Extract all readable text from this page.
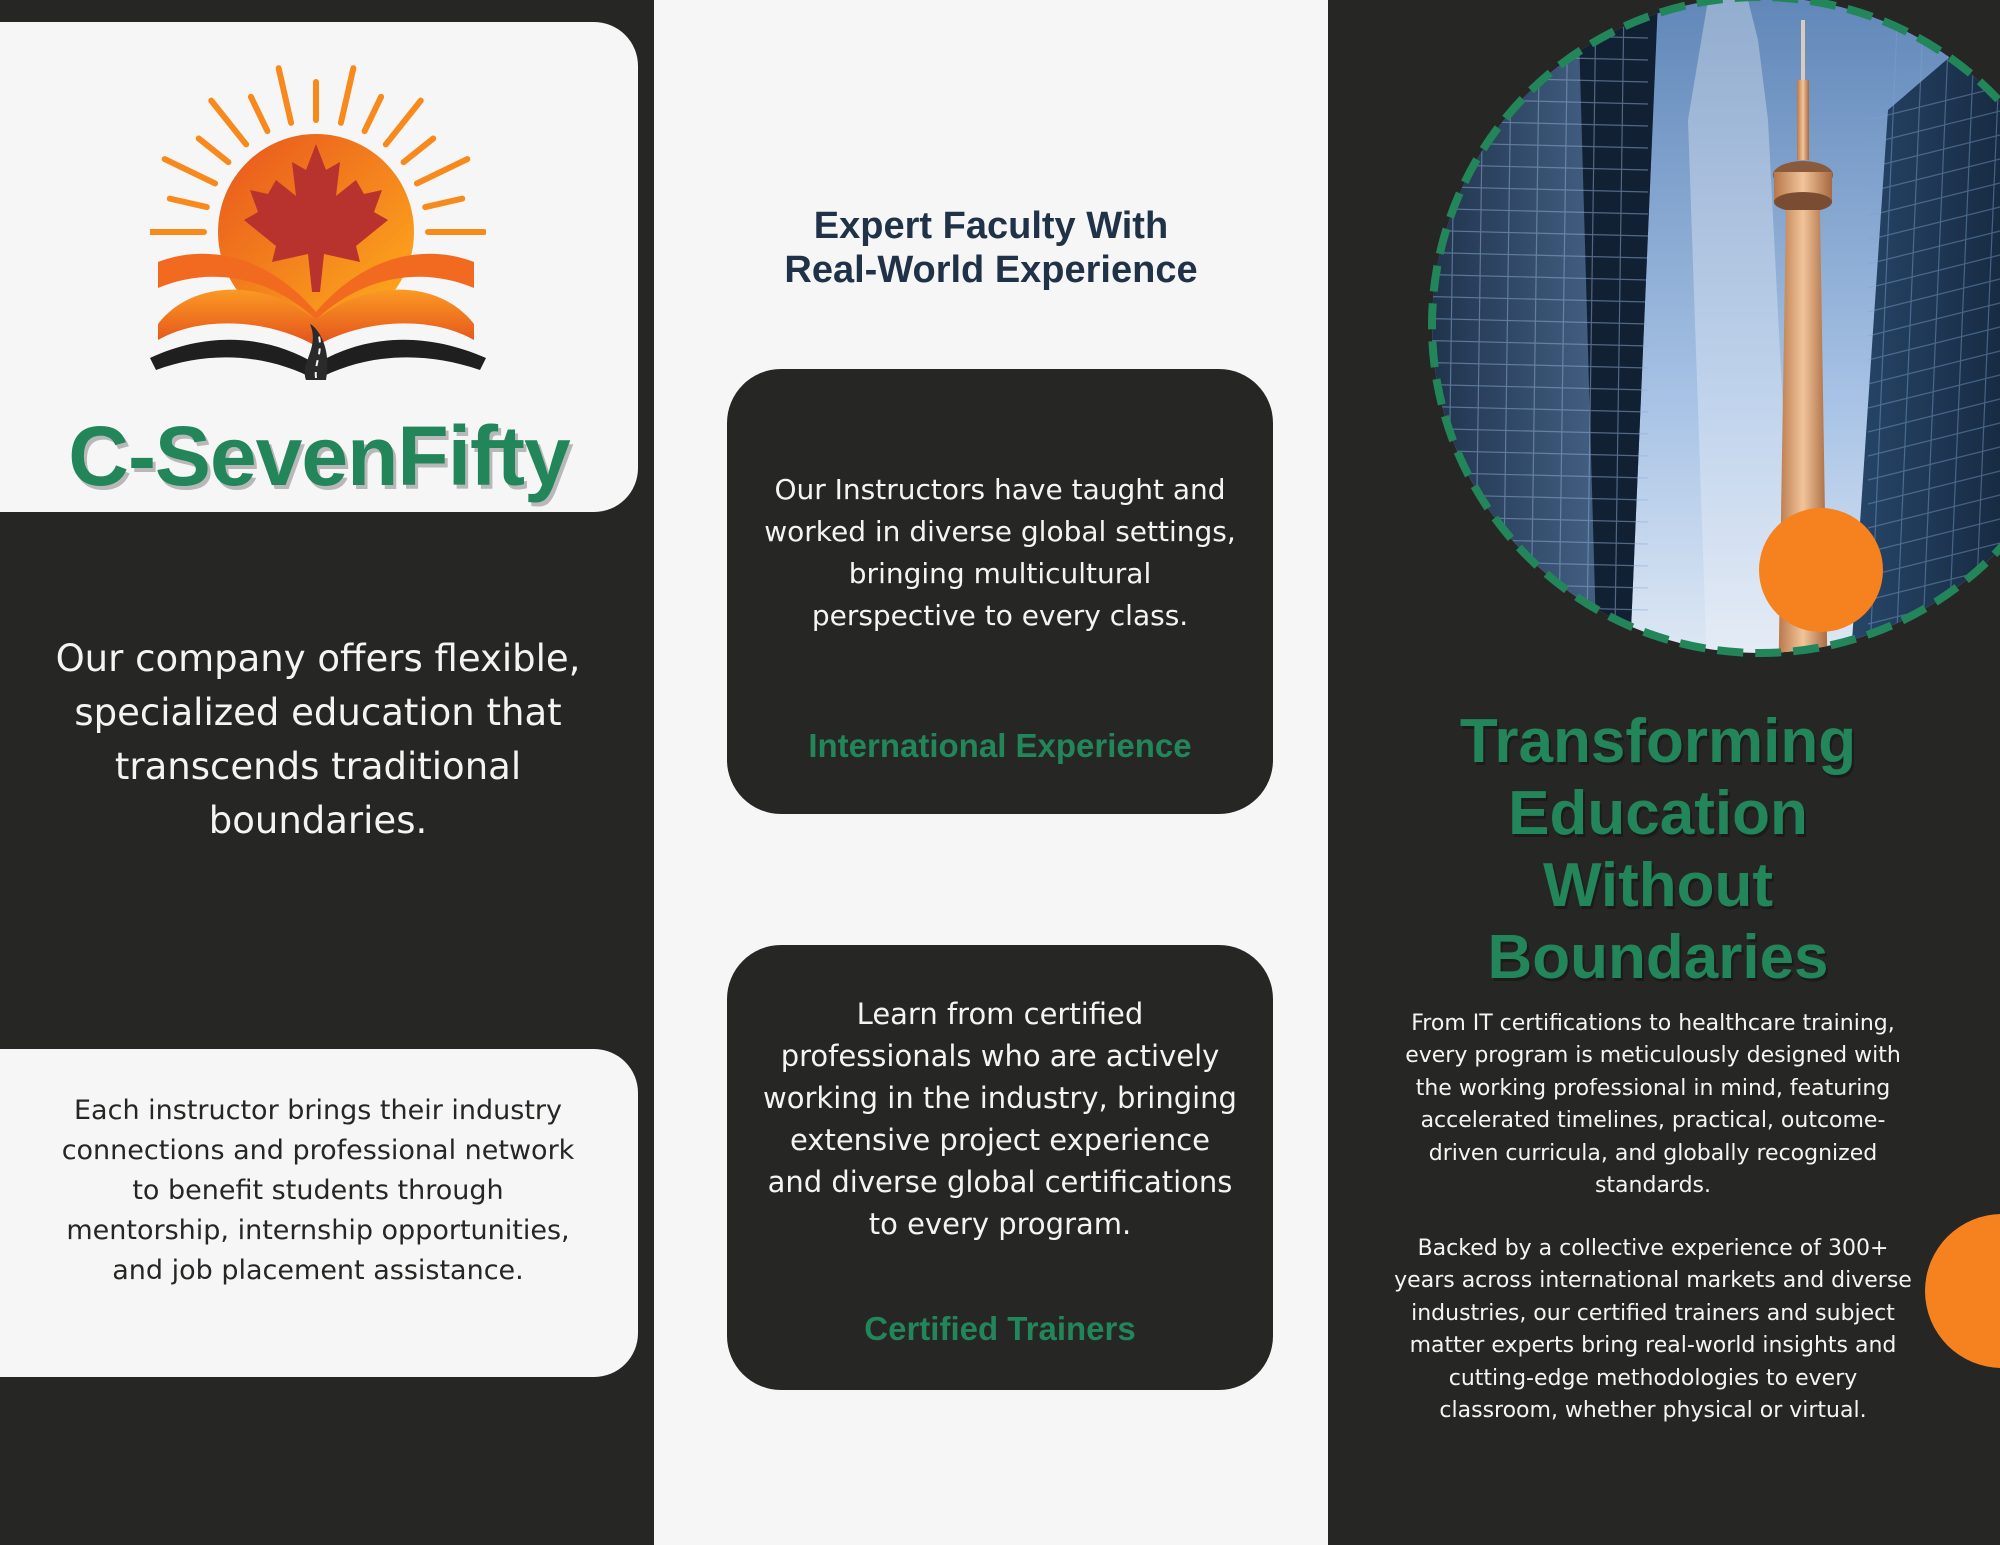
C-SevenFifty
Our company offers flexible, specialized education that transcends traditional boundaries.
Each instructor brings their industry connections and professional network to benefit students through mentorship, internship opportunities, and job placement assistance.
Expert Faculty With
Real-World Experience
Our Instructors have taught and worked in diverse global settings, bringing multicultural perspective to every class.
International Experience
Learn from certified professionals who are actively working in the industry, bringing extensive project experience and diverse global certifications to every program.
Certified Trainers
Transforming
Education
Without
Boundaries
From IT certifications to healthcare training, every program is meticulously designed with the working professional in mind, featuring accelerated timelines, practical, outcome-driven curricula, and globally recognized standards.
Backed by a collective experience of 300+ years across international markets and diverse industries, our certified trainers and subject matter experts bring real-world insights and cutting-edge methodologies to every classroom, whether physical or virtual.
